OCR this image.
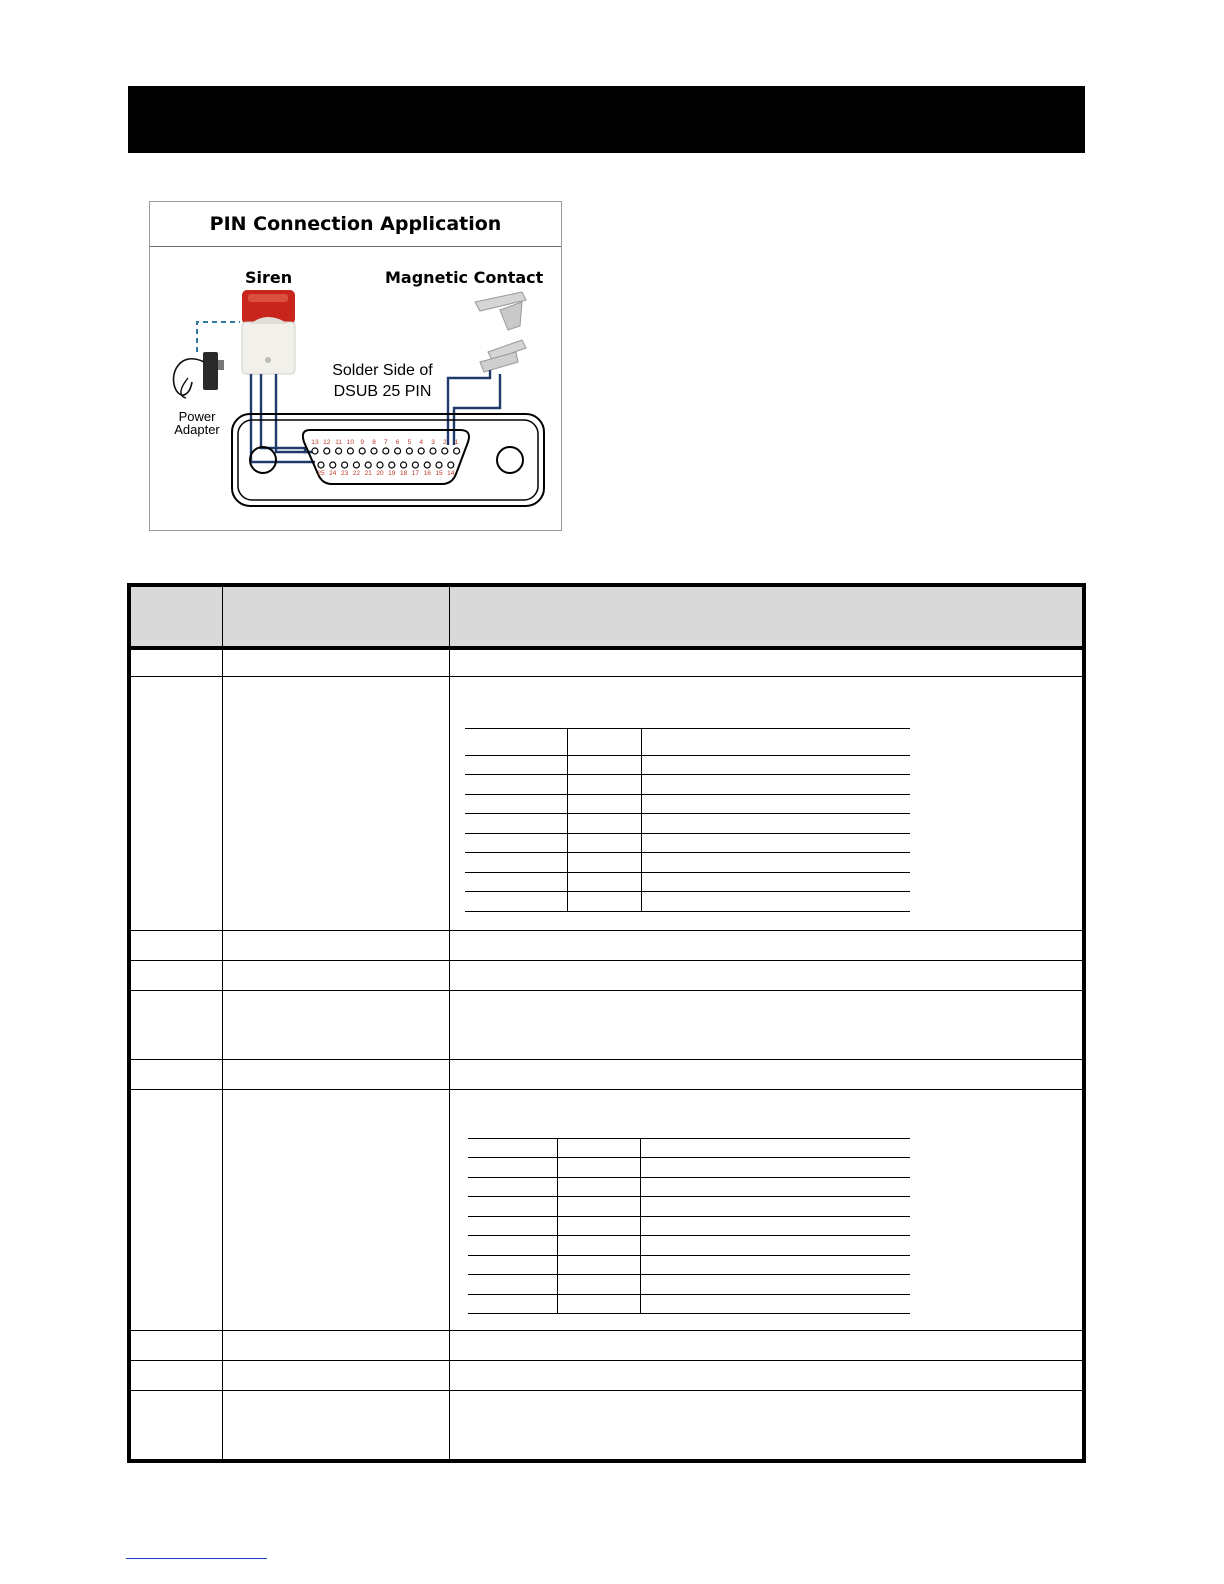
PIN Connection Application
13 12 11 10 9 8 7 6 5 4 3 2 1
25 24 23 22 21 20 19 18 17 16 15 14
Siren	Magnetic Contact
Solder Side of
DSUB 25 PIN
Power
Adapter
